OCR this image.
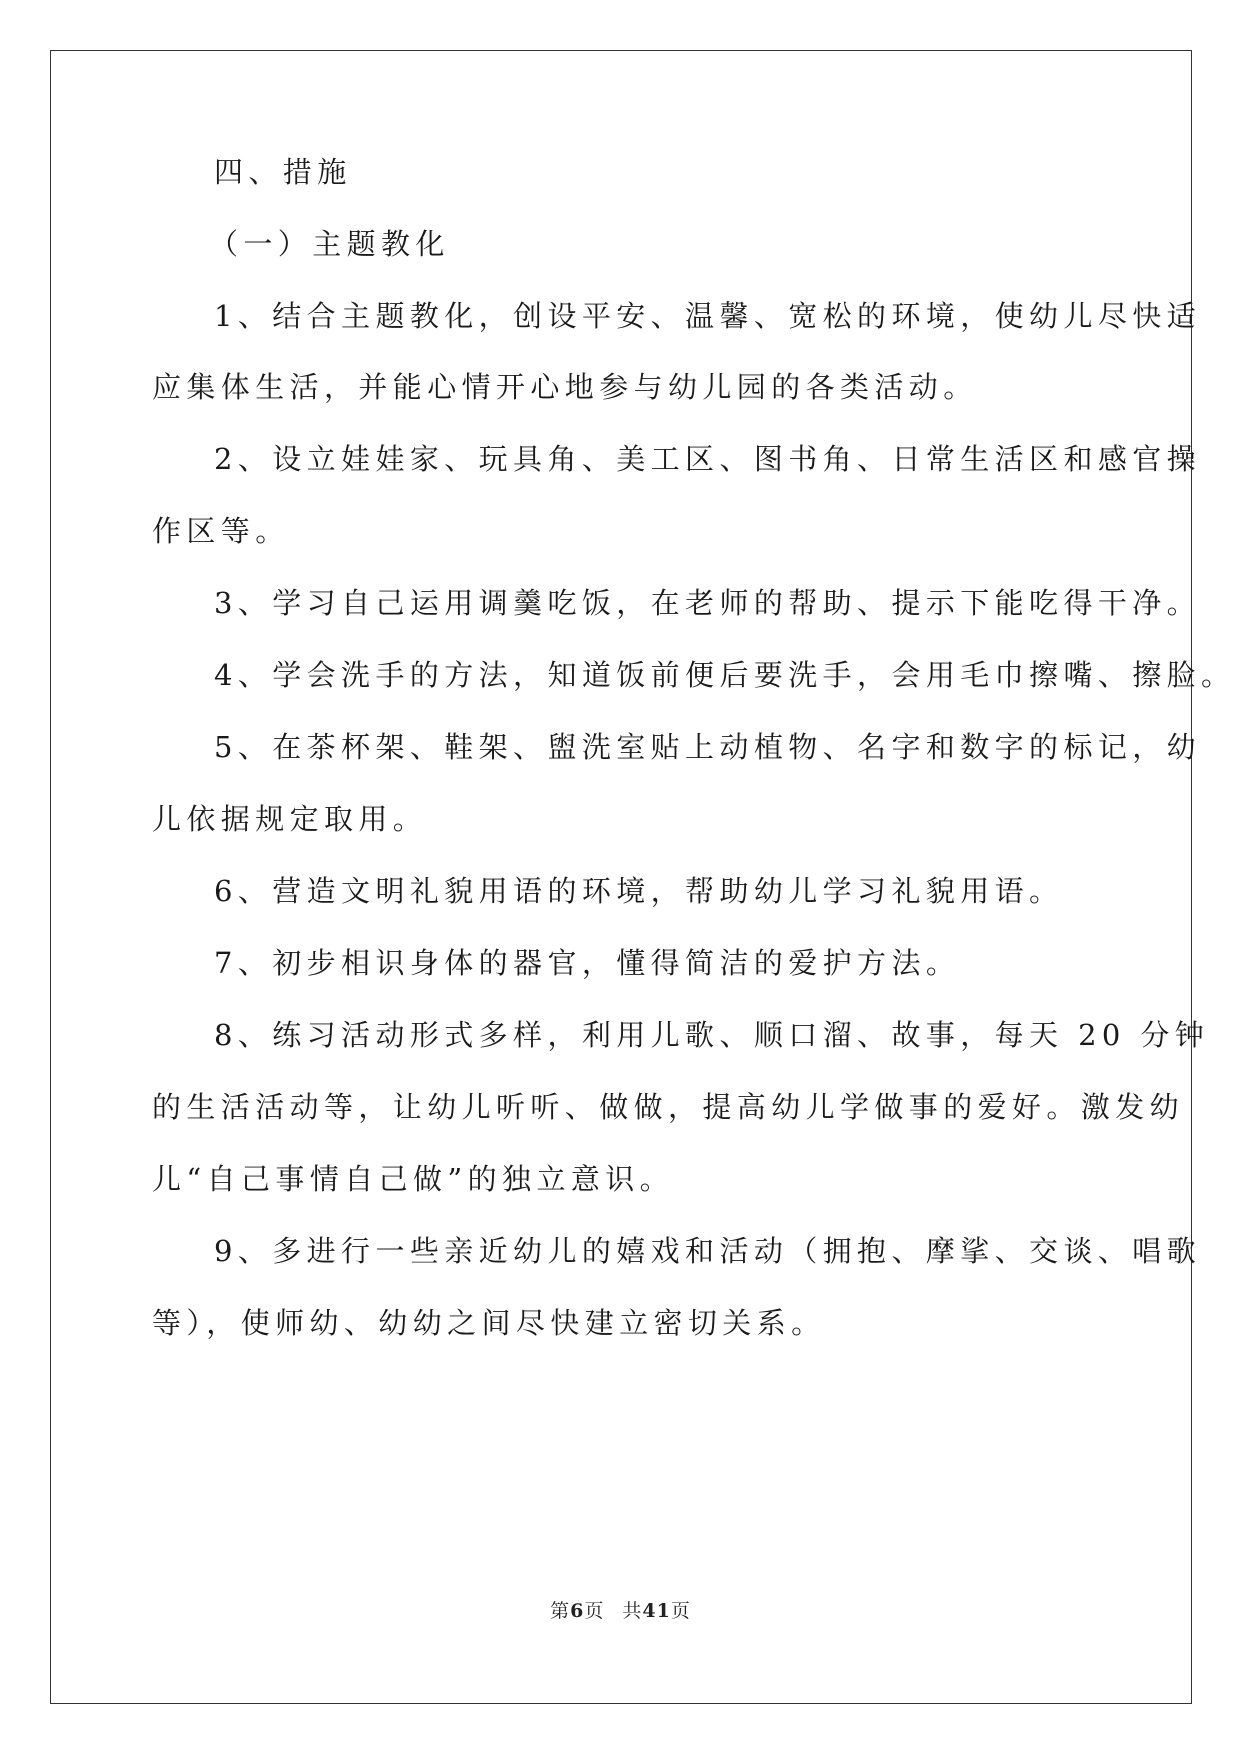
四、措施
（一）主题教化
1、结合主题教化，创设平安、温馨、宽松的环境，使幼儿尽快适
应集体生活，并能心情开心地参与幼儿园的各类活动。
2、设立娃娃家、玩具角、美工区、图书角、日常生活区和感官操
作区等。
3、学习自己运用调羹吃饭，在老师的帮助、提示下能吃得干净。
4、学会洗手的方法，知道饭前便后要洗手，会用毛巾擦嘴、擦脸。
5、在茶杯架、鞋架、盥洗室贴上动植物、名字和数字的标记，幼
儿依据规定取用。
6、营造文明礼貌用语的环境，帮助幼儿学习礼貌用语。
7、初步相识身体的器官，懂得简洁的爱护方法。
8、练习活动形式多样，利用儿歌、顺口溜、故事，每天 20 分钟
的生活活动等，让幼儿听听、做做，提高幼儿学做事的爱好。激发幼
儿“自己事情自己做”的独立意识。
9、多进行一些亲近幼儿的嬉戏和活动（拥抱、摩挲、交谈、唱歌
等），使师幼、幼幼之间尽快建立密切关系。
第6页 共41页
